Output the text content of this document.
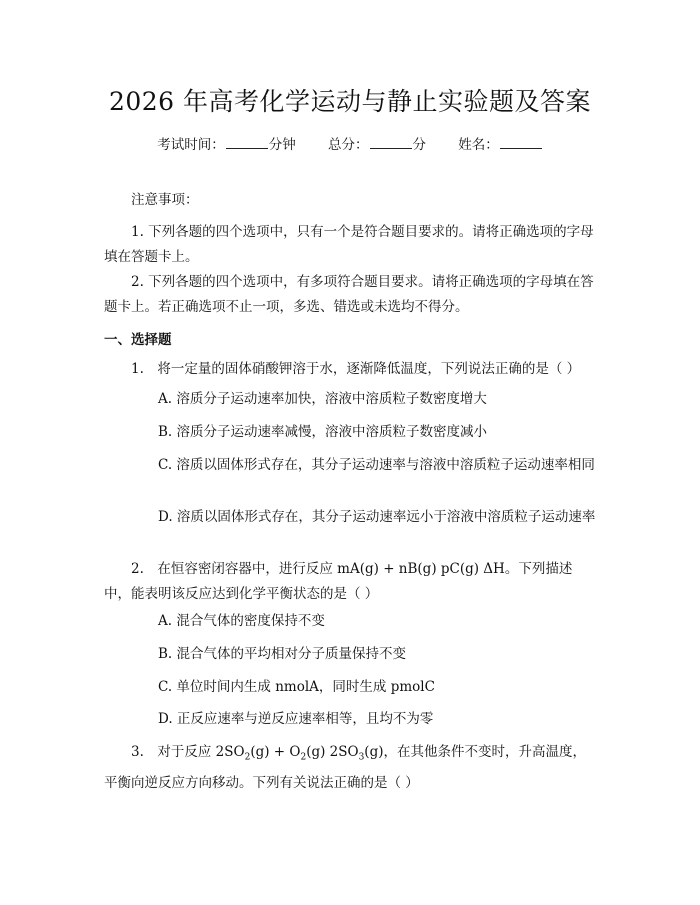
2026 年高考化学运动与静止实验题及答案
考试时间：	分钟 总分：	分 姓名：
注意事项：
1. 下列各题的四个选项中，只有一个是符合题目要求的。请将正确选项的字母填在答题卡上。
2. 下列各题的四个选项中，有多项符合题目要求。请将正确选项的字母填在答题卡上。若正确选项不止一项，多选、错选或未选均不得分。
一、选择题
1.　将一定量的固体硝酸钾溶于水，逐渐降低温度，下列说法正确的是（ ）
A. 溶质分子运动速率加快，溶液中溶质粒子数密度增大
B. 溶质分子运动速率减慢，溶液中溶质粒子数密度减小
C. 溶质以固体形式存在，其分子运动速率与溶液中溶质粒子运动速率相同
D. 溶质以固体形式存在，其分子运动速率远小于溶液中溶质粒子运动速率
2.　在恒容密闭容器中，进行反应 mA(g) + nB(g) pC(g) ΔH。下列描述中，能表明该反应达到化学平衡状态的是（ ）
A. 混合气体的密度保持不变
B. 混合气体的平均相对分子质量保持不变
C. 单位时间内生成 nmolA，同时生成 pmolC
D. 正反应速率与逆反应速率相等，且均不为零
3.　对于反应 $2SO_2(g) + O_2(g)$ $2SO_3(g)$，在其他条件不变时，升高温度，平衡向逆反应方向移动。下列有关说法正确的是（ ）
